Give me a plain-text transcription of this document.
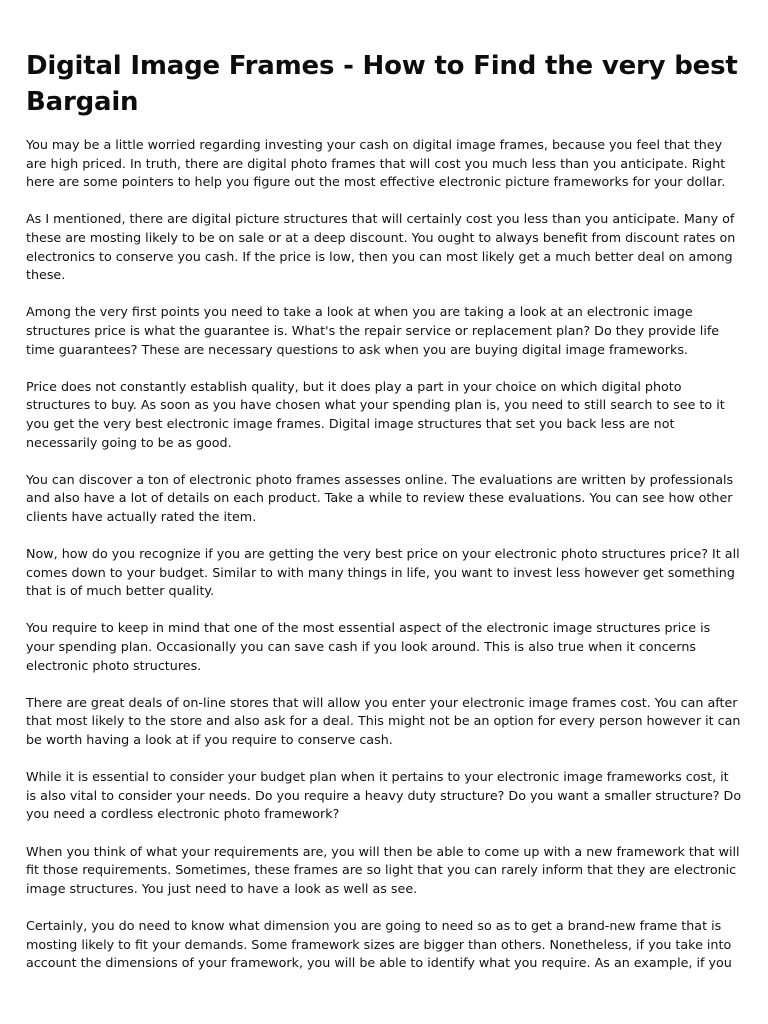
Digital Image Frames - How to Find the very best Bargain

You may be a little worried regarding investing your cash on digital image frames, because you feel that they are high priced. In truth, there are digital photo frames that will cost you much less than you anticipate. Right here are some pointers to help you figure out the most effective electronic picture frameworks for your dollar.

As I mentioned, there are digital picture structures that will certainly cost you less than you anticipate. Many of these are mosting likely to be on sale or at a deep discount. You ought to always benefit from discount rates on electronics to conserve you cash. If the price is low, then you can most likely get a much better deal on among these.

Among the very first points you need to take a look at when you are taking a look at an electronic image structures price is what the guarantee is. What's the repair service or replacement plan? Do they provide life time guarantees? These are necessary questions to ask when you are buying digital image frameworks.

Price does not constantly establish quality, but it does play a part in your choice on which digital photo structures to buy. As soon as you have chosen what your spending plan is, you need to still search to see to it you get the very best electronic image frames. Digital image structures that set you back less are not necessarily going to be as good.

You can discover a ton of electronic photo frames assesses online. The evaluations are written by professionals and also have a lot of details on each product. Take a while to review these evaluations. You can see how other clients have actually rated the item.

Now, how do you recognize if you are getting the very best price on your electronic photo structures price? It all comes down to your budget. Similar to with many things in life, you want to invest less however get something that is of much better quality.

You require to keep in mind that one of the most essential aspect of the electronic image structures price is your spending plan. Occasionally you can save cash if you look around. This is also true when it concerns electronic photo structures.

There are great deals of on-line stores that will allow you enter your electronic image frames cost. You can after that most likely to the store and also ask for a deal. This might not be an option for every person however it can be worth having a look at if you require to conserve cash.

While it is essential to consider your budget plan when it pertains to your electronic image frameworks cost, it is also vital to consider your needs. Do you require a heavy duty structure? Do you want a smaller structure? Do you need a cordless electronic photo framework?

When you think of what your requirements are, you will then be able to come up with a new framework that will fit those requirements. Sometimes, these frames are so light that you can rarely inform that they are electronic image structures. You just need to have a look as well as see.

Certainly, you do need to know what dimension you are going to need so as to get a brand-new frame that is mosting likely to fit your demands. Some framework sizes are bigger than others. Nonetheless, if you take into account the dimensions of your framework, you will be able to identify what you require. As an example, if you
